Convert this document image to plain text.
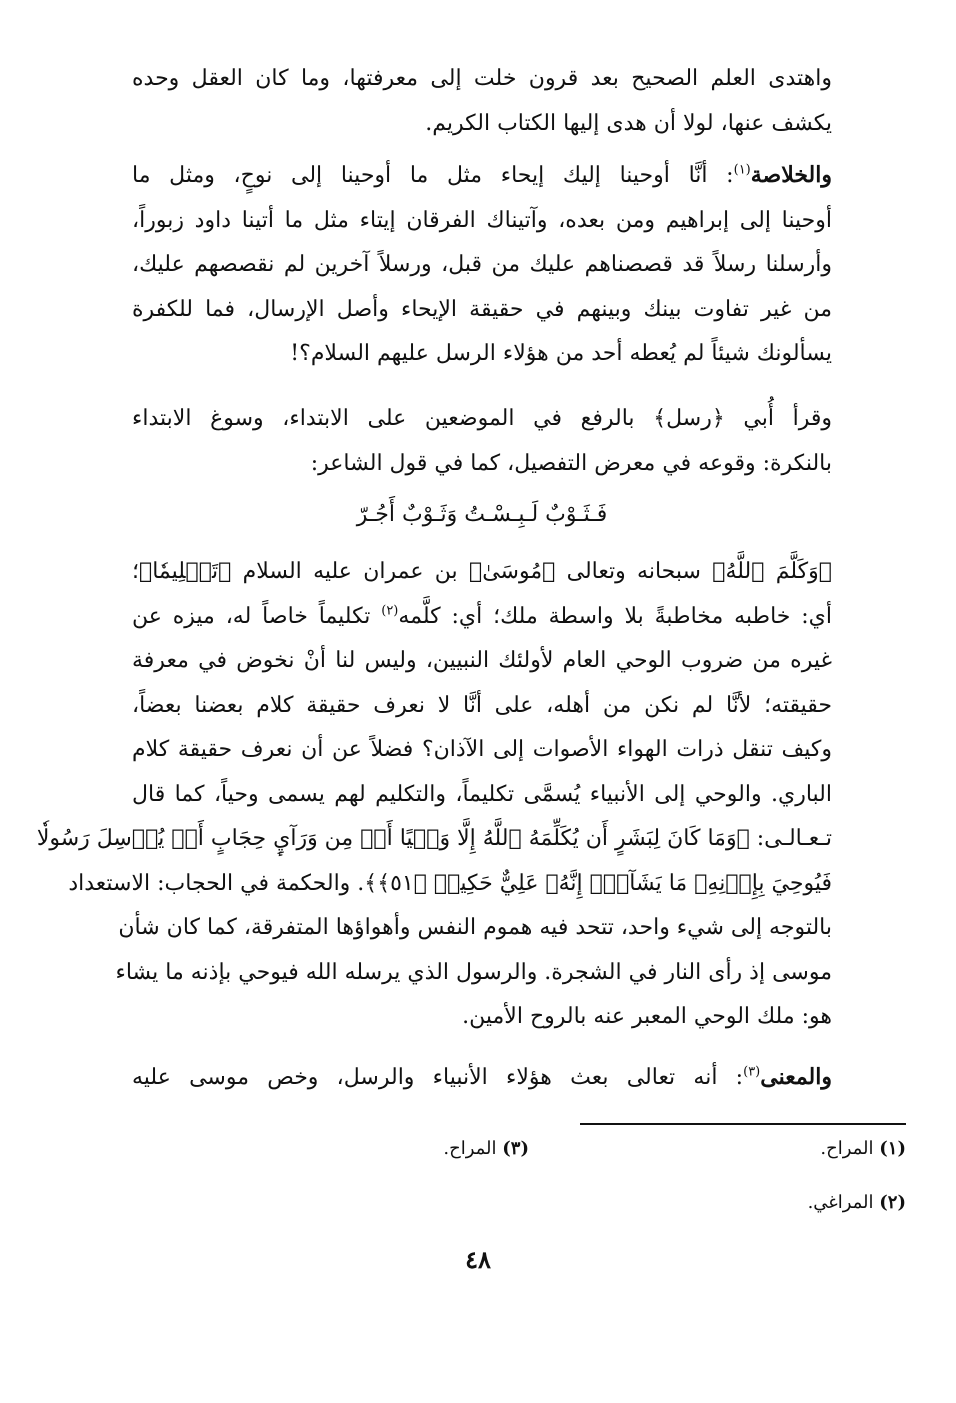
واهتدى العلم الصحيح بعد قرون خلت إلى معرفتها، وما كان العقل وحده
يكشف عنها، لولا أن هدى إليها الكتاب الكريم.
والخلاصة$^{(١)}$: أنَّا أوحينا إليك إيحاء مثل ما أوحينا إلى نوحٍ، ومثل ما
أوحينا إلى إبراهيم ومن بعده، وآتيناك الفرقان إيتاء مثل ما أتينا داود زبوراً،
وأرسلنا رسلاً قد قصصناهم عليك من قبل، ورسلاً آخرين لم نقصصهم عليك،
من غير تفاوت بينك وبينهم في حقيقة الإيحاء وأصل الإرسال، فما للكفرة
يسألونك شيئاً لم يُعطه أحد من هؤلاء الرسل عليهم السلام؟!
وقرأ أُبي ﴿رسل﴾ بالرفع في الموضعين على الابتداء، وسوغ الابتداء
بالنكرة: وقوعه في معرض التفصيل، كما في قول الشاعر:
فَـثَـوْبٌ لَـبِـسْـتُ وَثَـوْبٌ أَجُـرّ
﴿وَكَلَّمَ ٱللَّهُ﴾ سبحانه وتعالى ﴿مُوسَىٰ﴾ بن عمران عليه السلام ﴿تَكۡلِيمٗا﴾؛
أي: خاطبه مخاطبةً بلا واسطة ملك؛ أي: كلَّمه$^{(٢)}$ تكليماً خاصاً له، ميزه عن
غيره من ضروب الوحي العام لأولئك النبيين، وليس لنا أنْ نخوض في معرفة
حقيقته؛ لأنَّا لم نكن من أهله، على أنَّا لا نعرف حقيقة كلام بعضنا بعضاً،
وكيف تنقل ذرات الهواء الأصوات إلى الآذان؟ فضلاً عن أن نعرف حقيقة كلام
الباري. والوحي إلى الأنبياء يُسمَّى تكليماً، والتكليم لهم يسمى وحياً، كما قال
تـعـالـى: ﴿وَمَا كَانَ لِبَشَرٍ أَن يُكَلِّمَهُ ٱللَّهُ إِلَّا وَحۡيًا أَوۡ مِن وَرَآيِٕ حِجَابٍ أَوۡ يُرۡسِلَ رَسُولٗا
فَيُوحِيَ بِإِذۡنِهِۦ مَا يَشَآءُۚ إِنَّهُۥ عَلِيٌّ حَكِيمٞ ﴿٥١﴾﴾. والحكمة في الحجاب: الاستعداد
بالتوجه إلى شيء واحد، تتحد فيه هموم النفس وأهواؤها المتفرقة، كما كان شأن
موسى إذ رأى النار في الشجرة. والرسول الذي يرسله الله فيوحي بإذنه ما يشاء
هو: ملك الوحي المعبر عنه بالروح الأمين.
والمعنى$^{(٣)}$: أنه تعالى بعث هؤلاء الأنبياء والرسل، وخص موسى عليه
(١) المراح.
(٣) المراح.
(٢) المراغي.
٤٨
